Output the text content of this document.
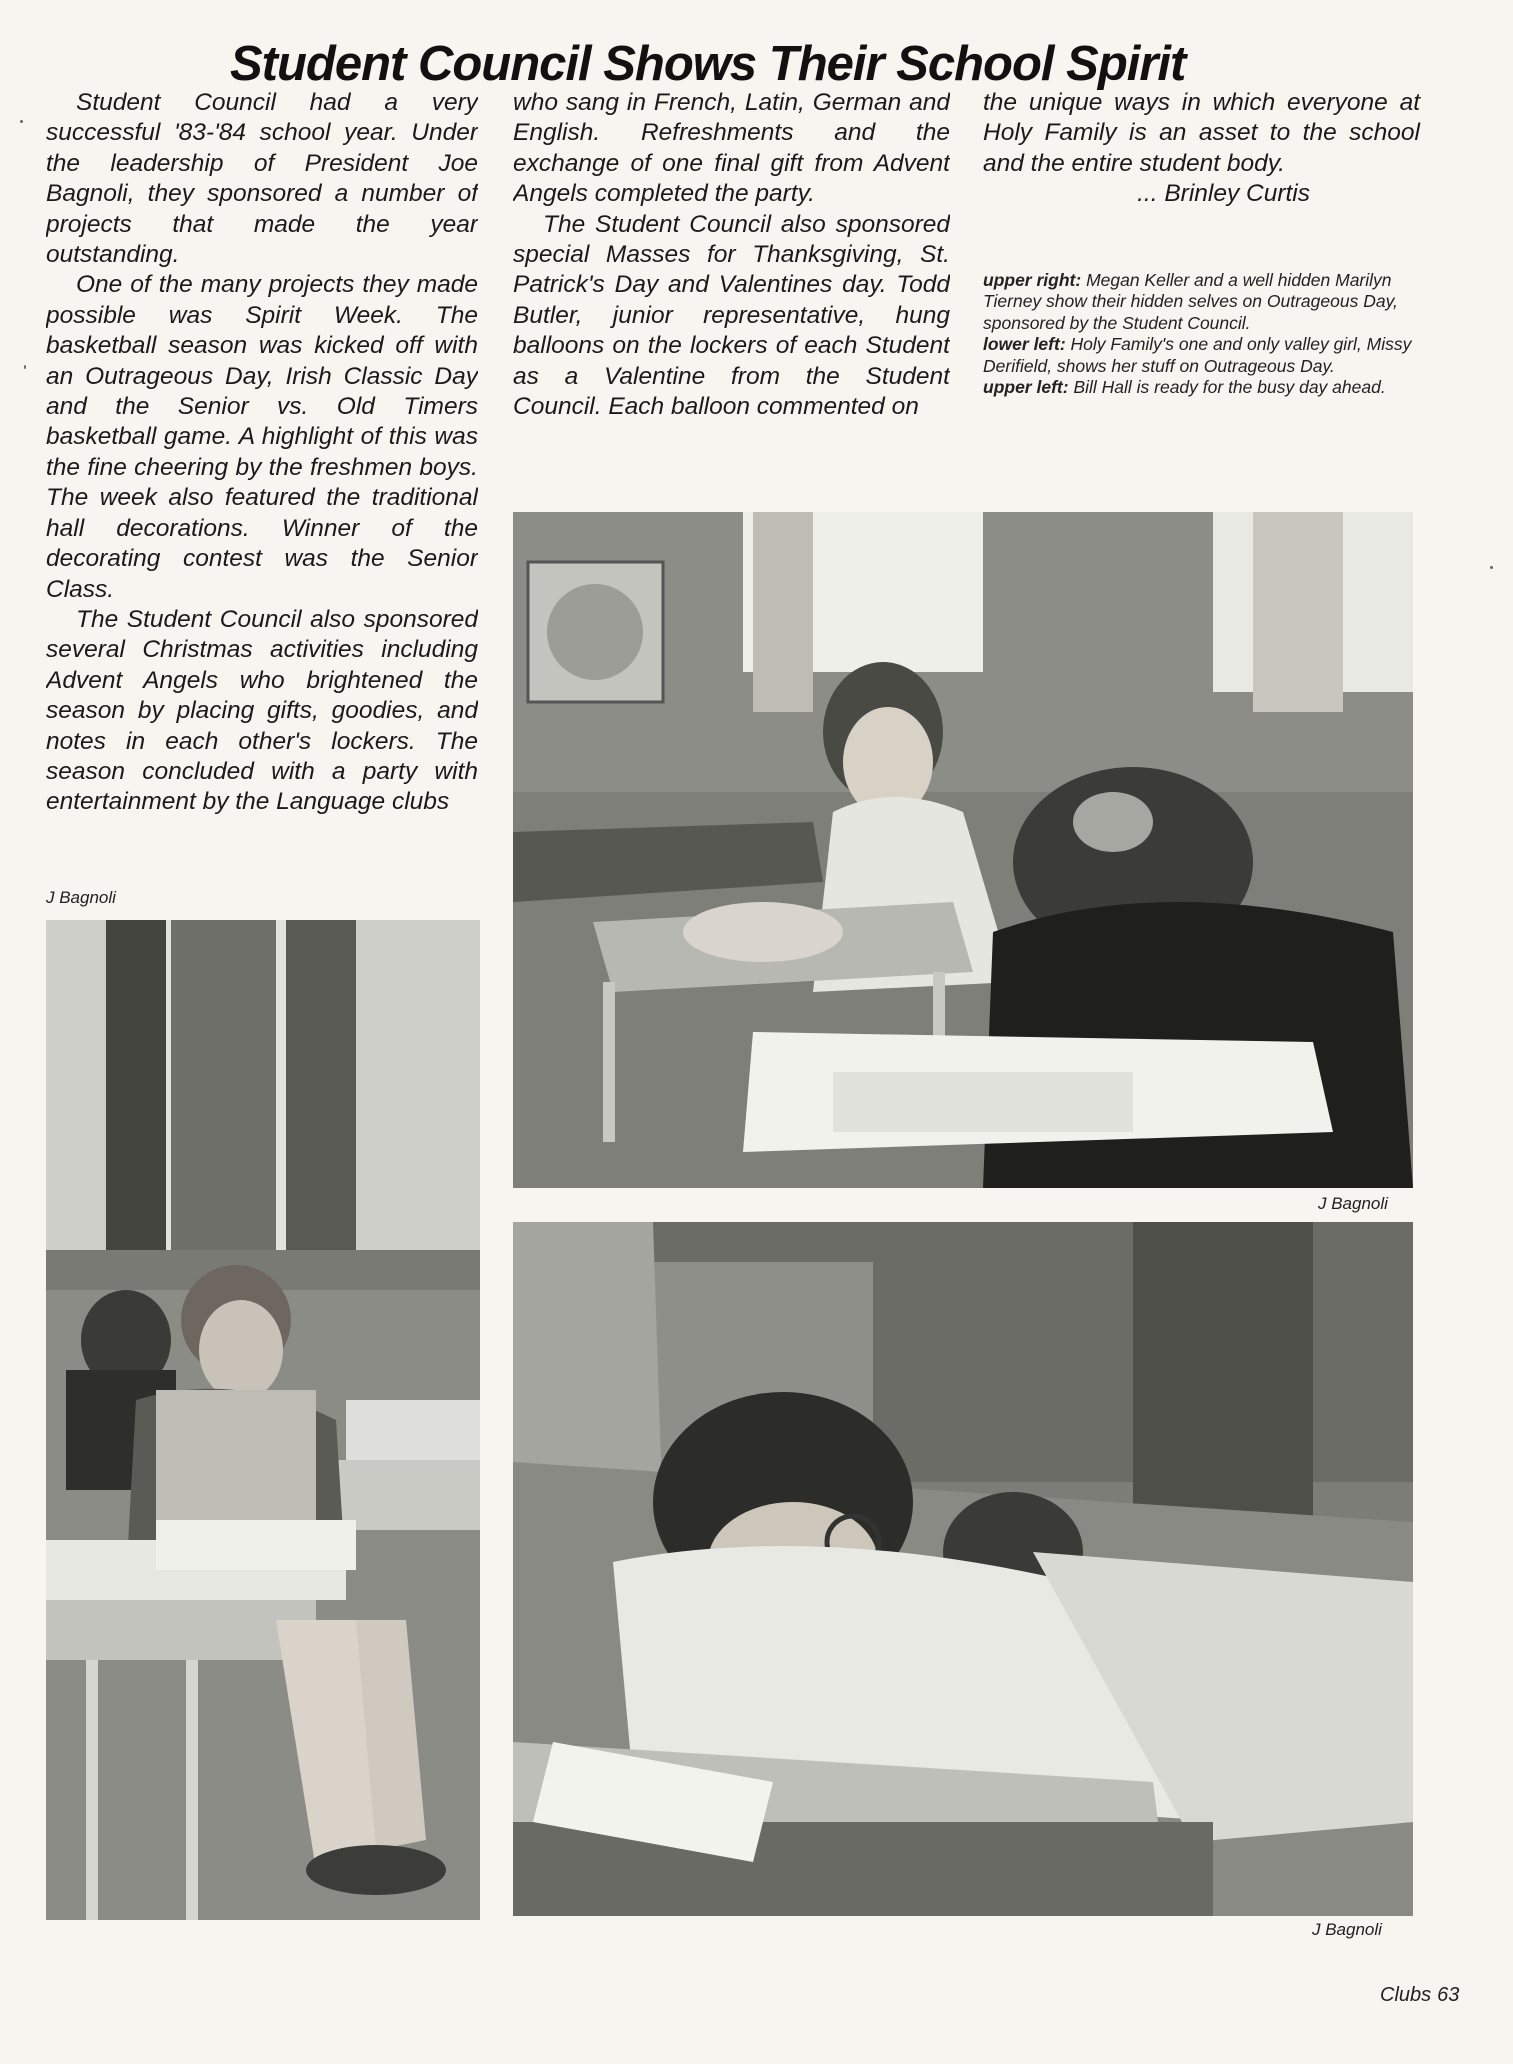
Student Council Shows Their School Spirit

Student Council had a very successful '83-'84 school year. Under the leadership of President Joe Bagnoli, they sponsored a number of projects that made the year outstanding.

One of the many projects they made possible was Spirit Week. The basketball season was kicked off with an Outrageous Day, Irish Classic Day and the Senior vs. Old Timers basketball game. A highlight of this was the fine cheering by the freshmen boys. The week also featured the traditional hall decorations. Winner of the decorating contest was the Senior Class.

The Student Council also sponsored several Christmas activities including Advent Angels who brightened the season by placing gifts, goodies, and notes in each other's lockers. The season concluded with a party with entertainment by the Language clubs

who sang in French, Latin, German and English. Refreshments and the exchange of one final gift from Advent Angels completed the party.

The Student Council also sponsored special Masses for Thanksgiving, St. Patrick's Day and Valentines day. Todd Butler, junior representative, hung balloons on the lockers of each Student as a Valentine from the Student Council. Each balloon commented on

the unique ways in which everyone at Holy Family is an asset to the school and the entire student body.

... Brinley Curtis

upper right: Megan Keller and a well hidden Marilyn Tierney show their hidden selves on Outrageous Day, sponsored by the Student Council.
lower left: Holy Family's one and only valley girl, Missy Derifield, shows her stuff on Outrageous Day.
upper left: Bill Hall is ready for the busy day ahead.
J Bagnoli
J Bagnoli
J Bagnoli
Clubs 63
